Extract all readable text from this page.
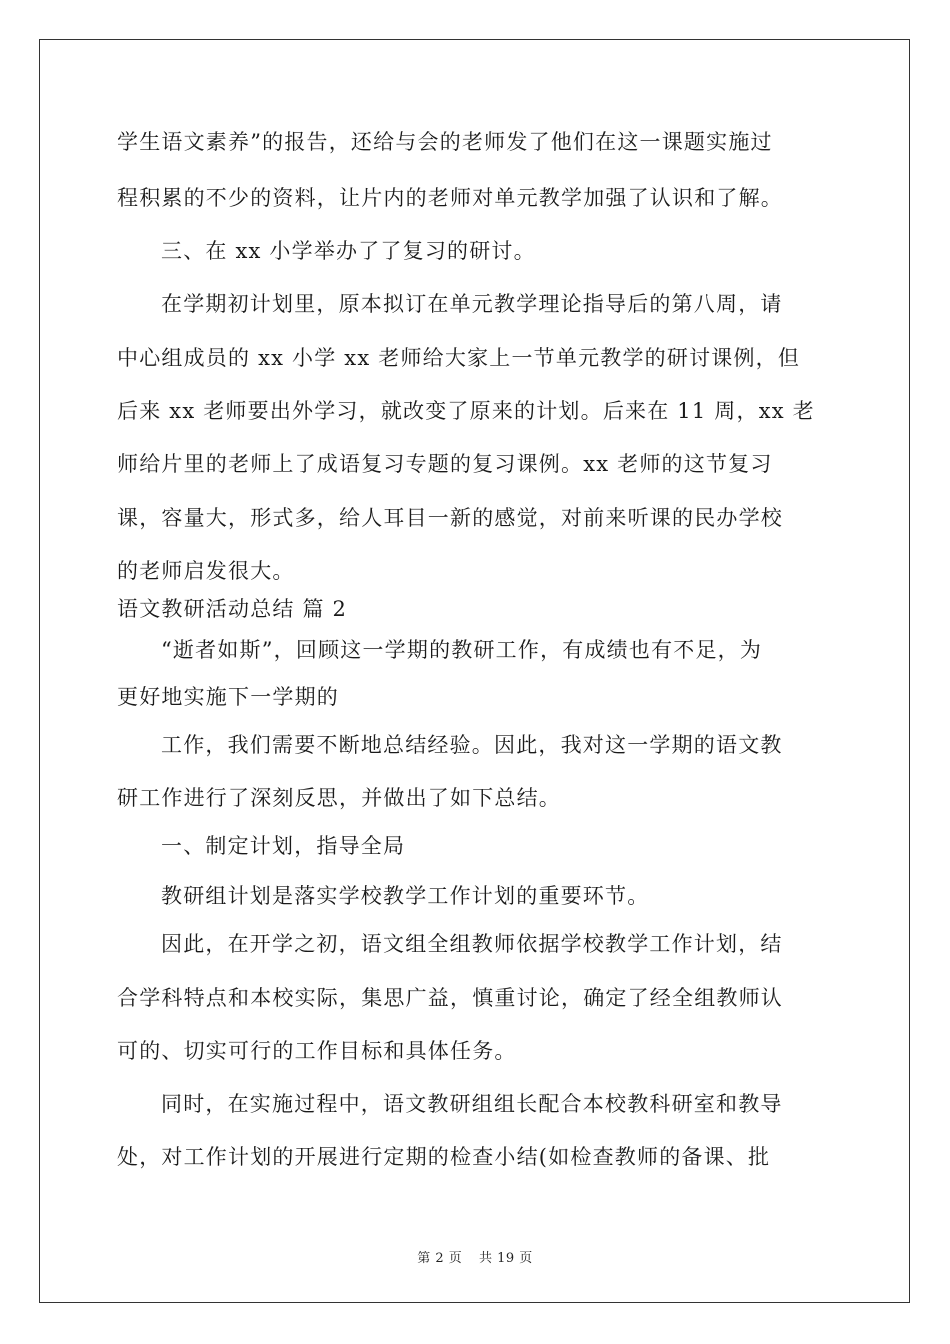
学生语文素养”的报告，还给与会的老师发了他们在这一课题实施过
程积累的不少的资料，让片内的老师对单元教学加强了认识和了解。
三、在 xx 小学举办了了复习的研讨。
在学期初计划里，原本拟订在单元教学理论指导后的第八周，请
中心组成员的 xx 小学 xx 老师给大家上一节单元教学的研讨课例，但
后来 xx 老师要出外学习，就改变了原来的计划。后来在 11 周，xx 老
师给片里的老师上了成语复习专题的复习课例。xx 老师的这节复习
课，容量大，形式多，给人耳目一新的感觉，对前来听课的民办学校
的老师启发很大。
语文教研活动总结 篇 2
“逝者如斯”，回顾这一学期的教研工作，有成绩也有不足，为
更好地实施下一学期的
工作，我们需要不断地总结经验。因此，我对这一学期的语文教
研工作进行了深刻反思，并做出了如下总结。
一、制定计划，指导全局
教研组计划是落实学校教学工作计划的重要环节。
因此，在开学之初，语文组全组教师依据学校教学工作计划，结
合学科特点和本校实际，集思广益，慎重讨论，确定了经全组教师认
可的、切实可行的工作目标和具体任务。
同时，在实施过程中，语文教研组组长配合本校教科研室和教导
处，对工作计划的开展进行定期的检查小结(如检查教师的备课、批
第 2 页 共 19 页
